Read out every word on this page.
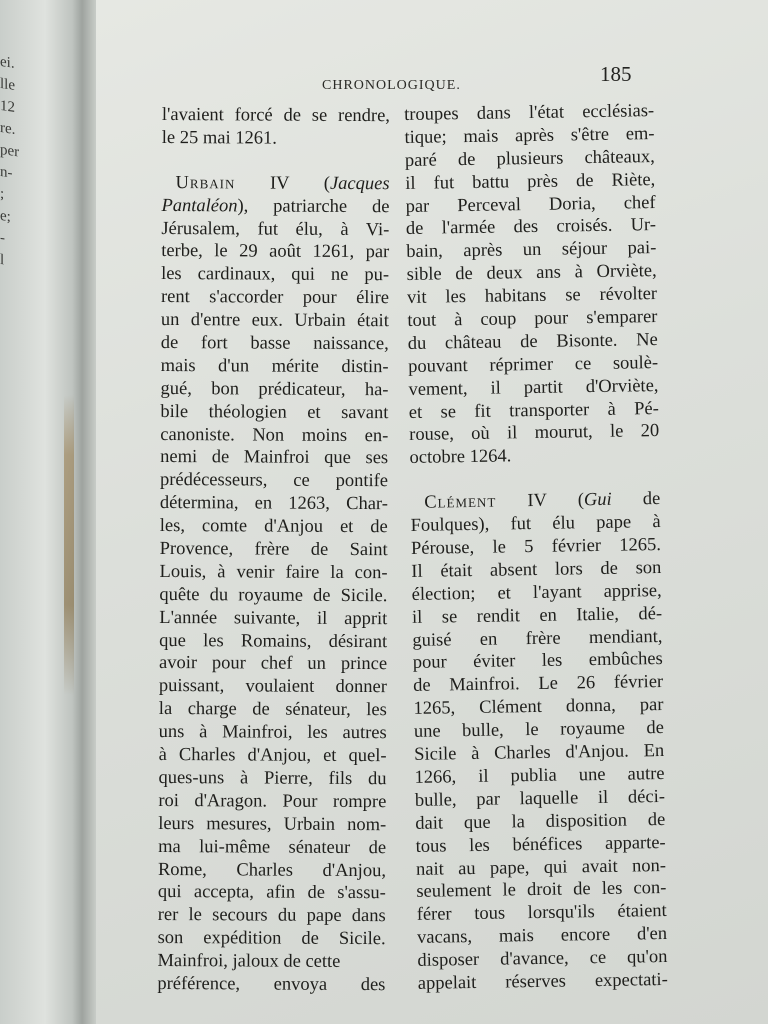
ei.
lle
12
re.
per
n-
;
e;
-
l
CHRONOLOGIQUE.	185
l'avaient forcé de se rendre,
le 25 mai 1261.
Urbain IV (Jacques
Pantaléon), patriarche de
Jérusalem, fut élu, à Vi-
terbe, le 29 août 1261, par
les cardinaux, qui ne pu-
rent s'accorder pour élire
un d'entre eux. Urbain était
de fort basse naissance,
mais d'un mérite distin-
gué, bon prédicateur, ha-
bile théologien et savant
canoniste. Non moins en-
nemi de Mainfroi que ses
prédécesseurs, ce pontife
détermina, en 1263, Char-
les, comte d'Anjou et de
Provence, frère de Saint
Louis, à venir faire la con-
quête du royaume de Sicile.
L'année suivante, il apprit
que les Romains, désirant
avoir pour chef un prince
puissant, voulaient donner
la charge de sénateur, les
uns à Mainfroi, les autres
à Charles d'Anjou, et quel-
ques-uns à Pierre, fils du
roi d'Aragon. Pour rompre
leurs mesures, Urbain nom-
ma lui-même sénateur de
Rome, Charles d'Anjou,
qui accepta, afin de s'assu-
rer le secours du pape dans
son expédition de Sicile.
Mainfroi, jaloux de cette
préférence, envoya des
troupes dans l'état ecclésias-
tique; mais après s'être em-
paré de plusieurs châteaux,
il fut battu près de Riète,
par Perceval Doria, chef
de l'armée des croisés. Ur-
bain, après un séjour pai-
sible de deux ans à Orviète,
vit les habitans se révolter
tout à coup pour s'emparer
du château de Bisonte. Ne
pouvant réprimer ce soulè-
vement, il partit d'Orviète,
et se fit transporter à Pé-
rouse, où il mourut, le 20
octobre 1264.
Clément IV (Gui de
Foulques), fut élu pape à
Pérouse, le 5 février 1265.
Il était absent lors de son
élection; et l'ayant apprise,
il se rendit en Italie, dé-
guisé en frère mendiant,
pour éviter les embûches
de Mainfroi. Le 26 février
1265, Clément donna, par
une bulle, le royaume de
Sicile à Charles d'Anjou. En
1266, il publia une autre
bulle, par laquelle il déci-
dait que la disposition de
tous les bénéfices apparte-
nait au pape, qui avait non-
seulement le droit de les con-
férer tous lorsqu'ils étaient
vacans, mais encore d'en
disposer d'avance, ce qu'on
appelait réserves expectati-
